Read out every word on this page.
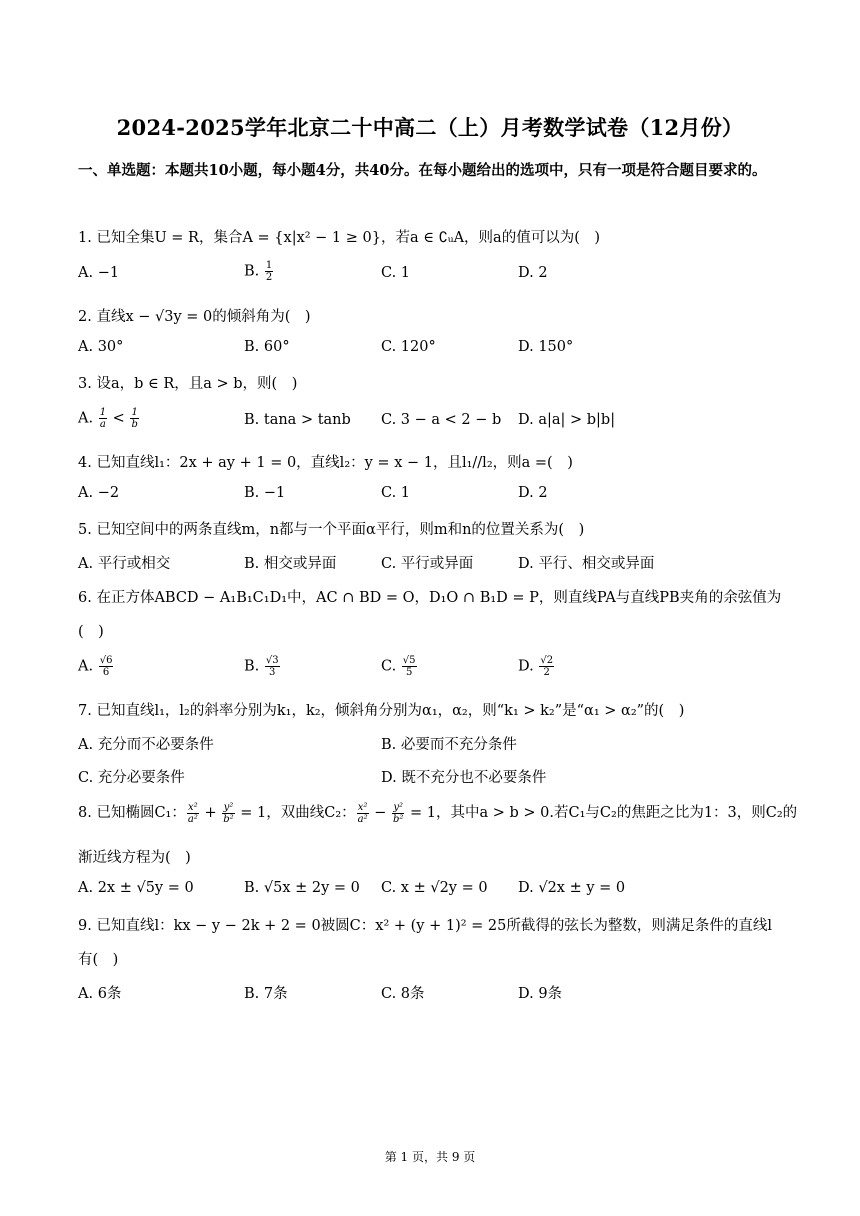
2024-2025学年北京二十中高二（上）月考数学试卷（12月份）
一、单选题：本题共10小题，每小题4分，共40分。在每小题给出的选项中，只有一项是符合题目要求的。
1. 已知全集U = R，集合A = {x|x² − 1 ≥ 0}，若a ∈ ∁ᵤA，则a的值可以为(　)
A. −1	B. $\frac{1}{2}$	C. 1	D. 2
2. 直线x − √3y = 0的倾斜角为(　)
A. 30°	B. 60°	C. 120°	D. 150°
3. 设a，b ∈ R，且a > b，则(　)
A. $\frac{1}{a} < \frac{1}{b}$	B. tana > tanb C. 3 − a < 2 − b D. a|a| > b|b|
4. 已知直线l₁：2x + ay + 1 = 0，直线l₂：y = x − 1，且l₁//l₂，则a =(　)
A. −2	B. −1	C. 1	D. 2
5. 已知空间中的两条直线m，n都与一个平面α平行，则m和n的位置关系为(　)
A. 平行或相交	B. 相交或异面	C. 平行或异面	D. 平行、相交或异面
6. 在正方体ABCD − A₁B₁C₁D₁中，AC ∩ BD = O，D₁O ∩ B₁D = P，则直线PA与直线PB夹角的余弦值为
(　)
A. $\frac{√6}{6}$	B. $\frac{√3}{3}$	C. $\frac{√5}{5}$	D. $\frac{√2}{2}$
7. 已知直线l₁，l₂的斜率分别为k₁，k₂，倾斜角分别为α₁，α₂，则“k₁ > k₂”是“α₁ > α₂”的(　)
A. 充分而不必要条件	B. 必要而不充分条件
C. 充分必要条件	D. 既不充分也不必要条件
8. 已知椭圆C₁： $\frac{\text{x²}}{\text{a²}} + \frac{\text{y²}}{\text{b²}} = 1$，双曲线C₂： $\frac{\text{x²}}{\text{a²}} - \frac{\text{y²}}{\text{b²}} = 1$，其中a > b > 0.若C₁与C₂的焦距之比为1：3，则C₂的
渐近线方程为(　)
A. 2x ± √5y = 0	B. √5x ± 2y = 0 C. x ± √2y = 0 D. √2x ± y = 0
9. 已知直线l：kx − y − 2k + 2 = 0被圆C：x² + (y + 1)² = 25所截得的弦长为整数，则满足条件的直线l
有(　)
A. 6条	B. 7条	C. 8条	D. 9条
第 1 页，共 9 页
